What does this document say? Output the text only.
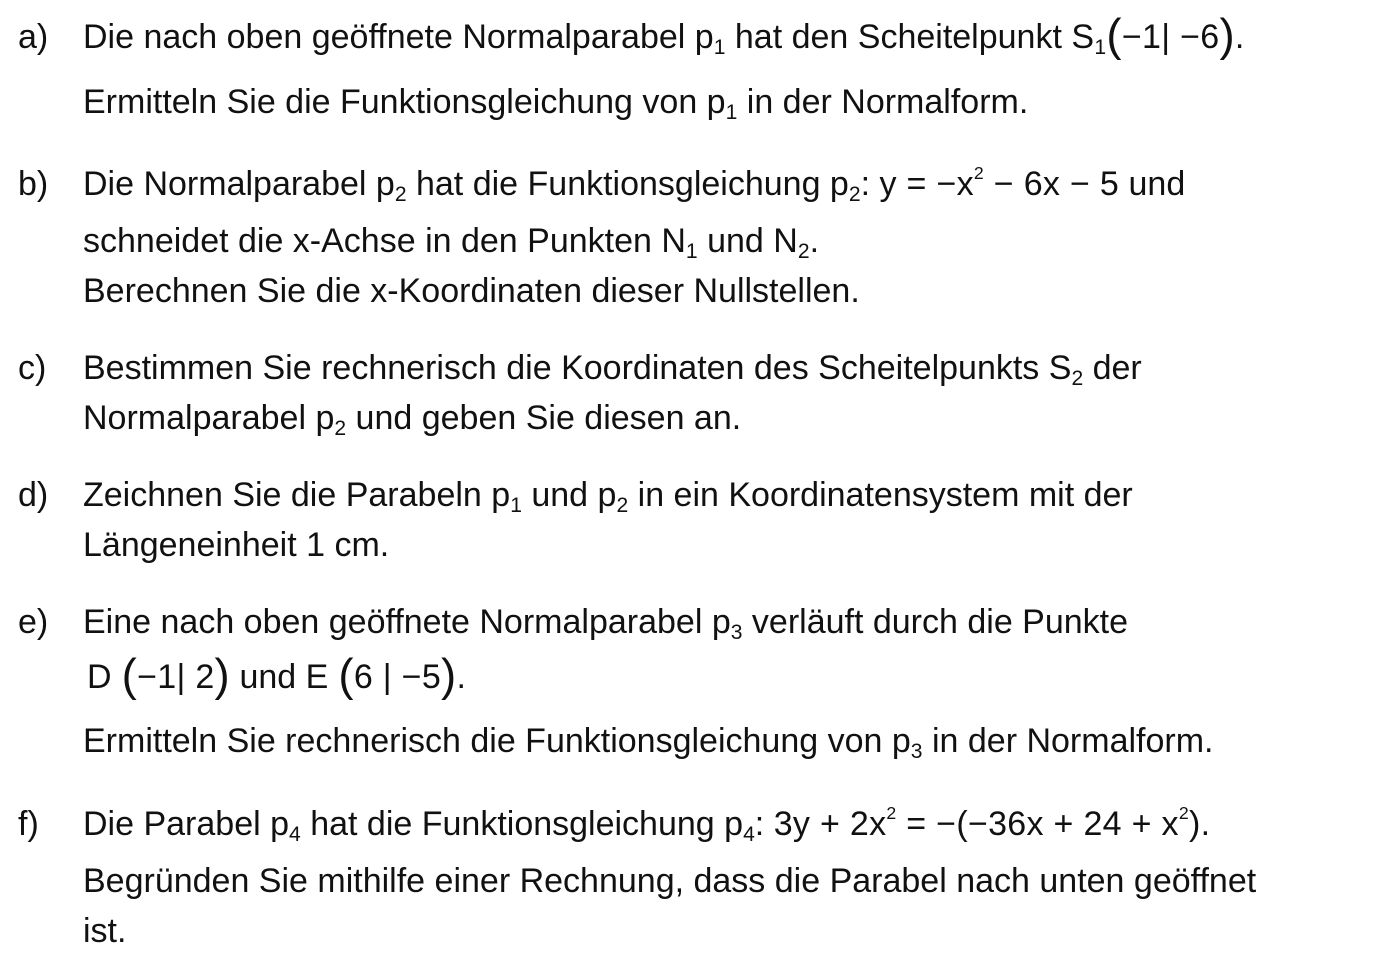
a) Die nach oben geöffnete Normalparabel $p_1$ hat den Scheitelpunkt $S_1(-1| -6)$.
Ermitteln Sie die Funktionsgleichung von $p_1$ in der Normalform.
b) Die Normalparabel $p_2$ hat die Funktionsgleichung $p_2$: $y = -x^2 - 6x - 5$ und
schneidet die x-Achse in den Punkten $N_1$ und $N_2$.
Berechnen Sie die x-Koordinaten dieser Nullstellen.
c) Bestimmen Sie rechnerisch die Koordinaten des Scheitelpunkts $S_2$ der
Normalparabel $p_2$ und geben Sie diesen an.
d) Zeichnen Sie die Parabeln $p_1$ und $p_2$ in ein Koordinatensystem mit der
Längeneinheit 1 cm.
e) Eine nach oben geöffnete Normalparabel $p_3$ verläuft durch die Punkte
D (−1| 2) und E (6 | −5).
Ermitteln Sie rechnerisch die Funktionsgleichung von $p_3$ in der Normalform.
f) Die Parabel $p_4$ hat die Funktionsgleichung $p_4$: $3y + 2x^2 = -(-36x + 24 + x^2)$.
Begründen Sie mithilfe einer Rechnung, dass die Parabel nach unten geöffnet
ist.
